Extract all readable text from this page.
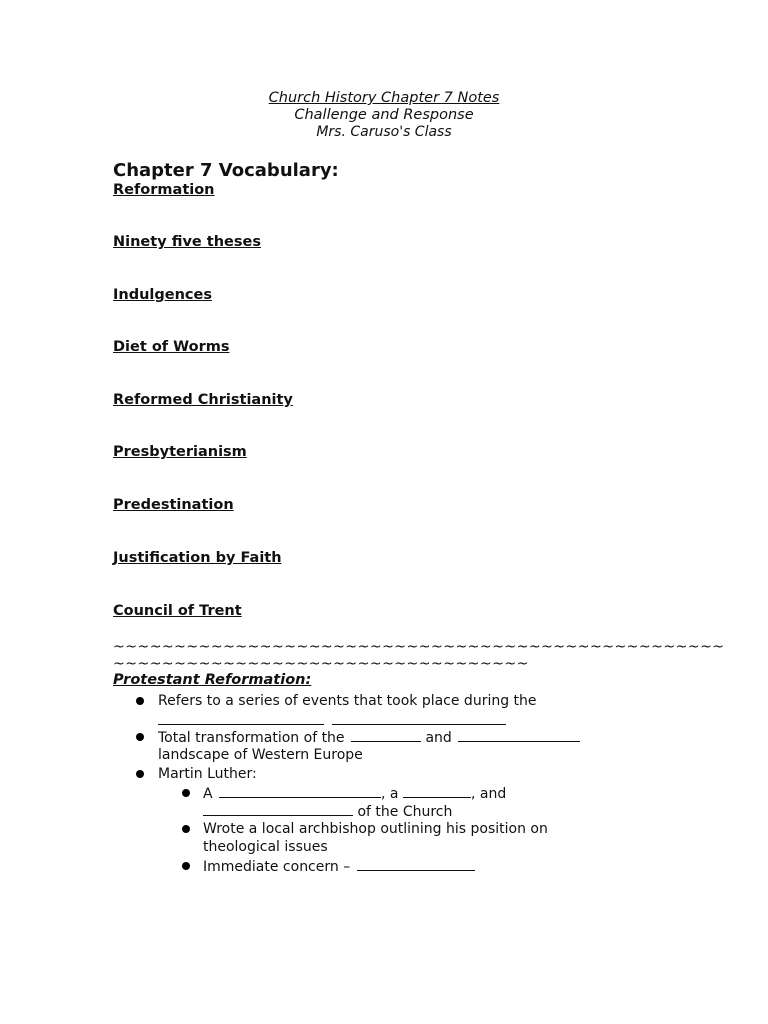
Church History Chapter 7 Notes
Challenge and Response
Mrs. Caruso's Class
Chapter 7 Vocabulary:
Reformation
Ninety five theses
Indulgences
Diet of Worms
Reformed Christianity
Presbyterianism
Predestination
Justification by Faith
Council of Trent
~~~~~~~~~~~~~~~~~~~~~~~~~~~~~~~~~~~~~~~~~~~~~~~~~~
~~~~~~~~~~~~~~~~~~~~~~~~~~~~~~~~~~
Protestant Reformation:
Refers to a series of events that took place during the

Total transformation of the	and
landscape of Western Europe
Martin Luther:
A	, a	, and
of the Church
Wrote a local archbishop outlining his position on
theological issues
Immediate concern –
